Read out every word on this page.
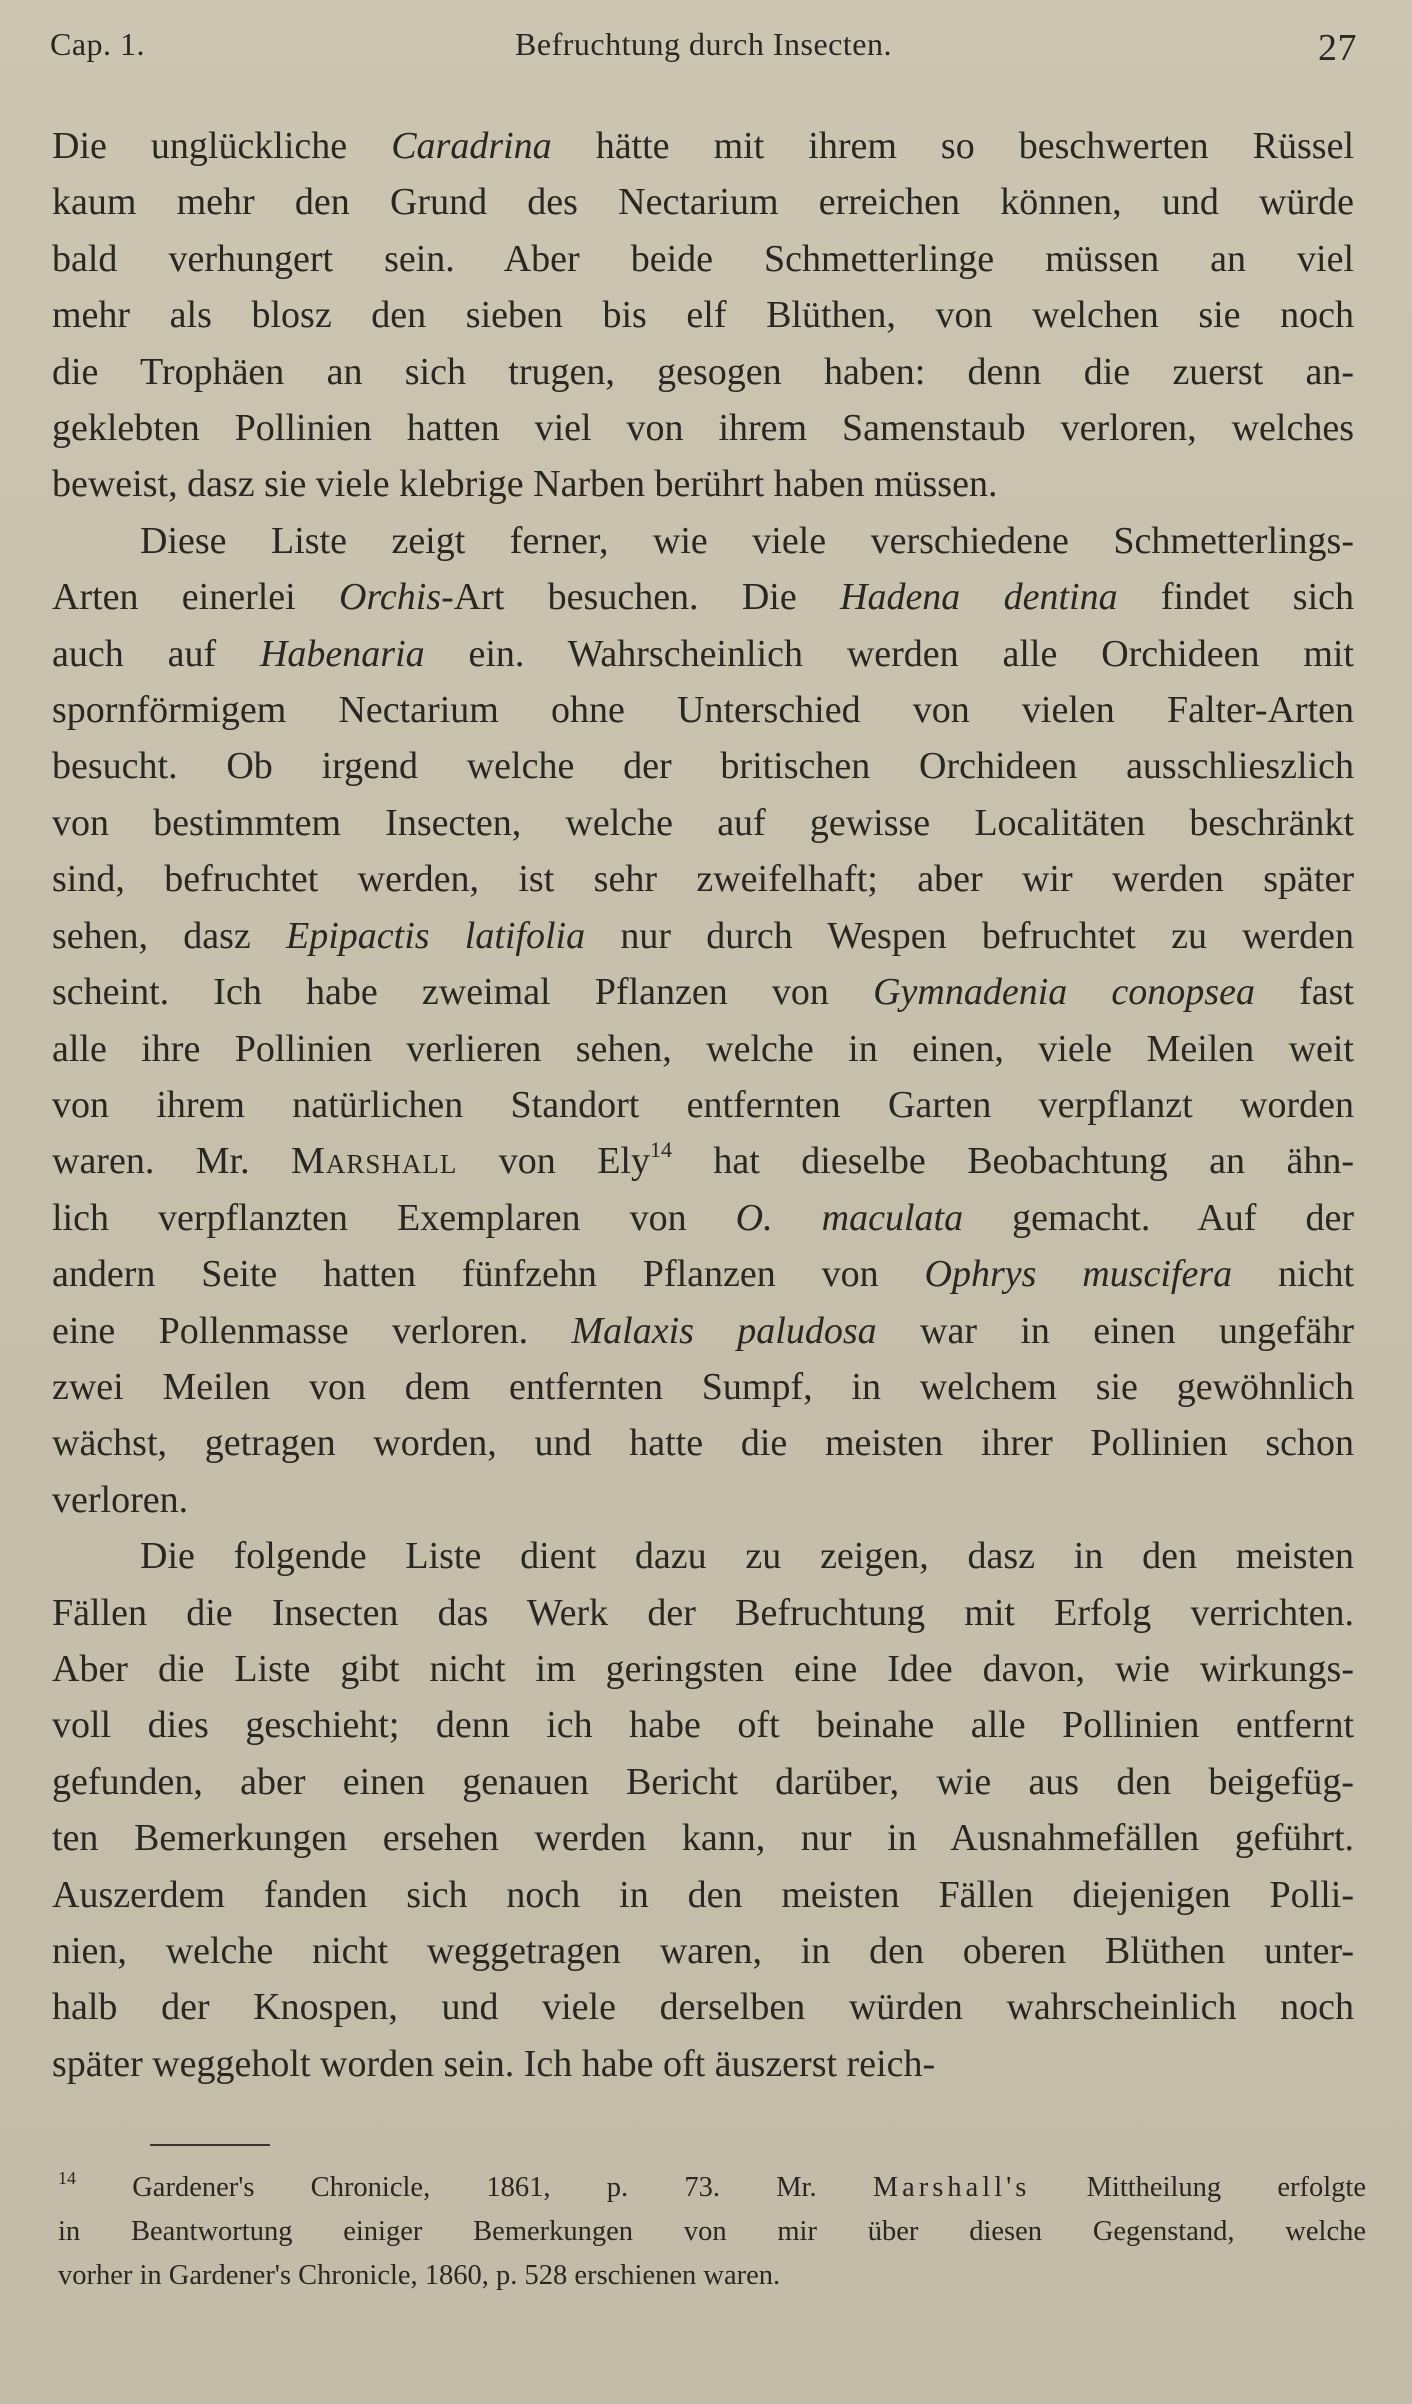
Cap. 1.	Befruchtung durch Insecten.	27
Die unglückliche Caradrina hätte mit ihrem so beschwerten Rüssel
kaum mehr den Grund des Nectarium erreichen können, und würde
bald verhungert sein. Aber beide Schmetterlinge müssen an viel
mehr als blosz den sieben bis elf Blüthen, von welchen sie noch
die Trophäen an sich trugen, gesogen haben: denn die zuerst an-
geklebten Pollinien hatten viel von ihrem Samenstaub verloren, welches
beweist, dasz sie viele klebrige Narben berührt haben müssen.
Diese Liste zeigt ferner, wie viele verschiedene Schmetterlings-
Arten einerlei Orchis-Art besuchen. Die Hadena dentina findet sich
auch auf Habenaria ein. Wahrscheinlich werden alle Orchideen mit
spornförmigem Nectarium ohne Unterschied von vielen Falter-Arten
besucht. Ob irgend welche der britischen Orchideen ausschlieszlich
von bestimmtem Insecten, welche auf gewisse Localitäten beschränkt
sind, befruchtet werden, ist sehr zweifelhaft; aber wir werden später
sehen, dasz Epipactis latifolia nur durch Wespen befruchtet zu werden
scheint. Ich habe zweimal Pflanzen von Gymnadenia conopsea fast
alle ihre Pollinien verlieren sehen, welche in einen, viele Meilen weit
von ihrem natürlichen Standort entfernten Garten verpflanzt worden
waren. Mr. Marshall von Ely$^{14}$ hat dieselbe Beobachtung an ähn-
lich verpflanzten Exemplaren von O. maculata gemacht. Auf der
andern Seite hatten fünfzehn Pflanzen von Ophrys muscifera nicht
eine Pollenmasse verloren. Malaxis paludosa war in einen ungefähr
zwei Meilen von dem entfernten Sumpf, in welchem sie gewöhnlich
wächst, getragen worden, und hatte die meisten ihrer Pollinien schon
verloren.
Die folgende Liste dient dazu zu zeigen, dasz in den meisten
Fällen die Insecten das Werk der Befruchtung mit Erfolg verrichten.
Aber die Liste gibt nicht im geringsten eine Idee davon, wie wirkungs-
voll dies geschieht; denn ich habe oft beinahe alle Pollinien entfernt
gefunden, aber einen genauen Bericht darüber, wie aus den beigefüg-
ten Bemerkungen ersehen werden kann, nur in Ausnahmefällen geführt.
Auszerdem fanden sich noch in den meisten Fällen diejenigen Polli-
nien, welche nicht weggetragen waren, in den oberen Blüthen unter-
halb der Knospen, und viele derselben würden wahrscheinlich noch
später weggeholt worden sein. Ich habe oft äuszerst reich-
$^{14}$ Gardener's Chronicle, 1861, p. 73. Mr. Marshall's Mittheilung erfolgte
in Beantwortung einiger Bemerkungen von mir über diesen Gegenstand, welche
vorher in Gardener's Chronicle, 1860, p. 528 erschienen waren.
